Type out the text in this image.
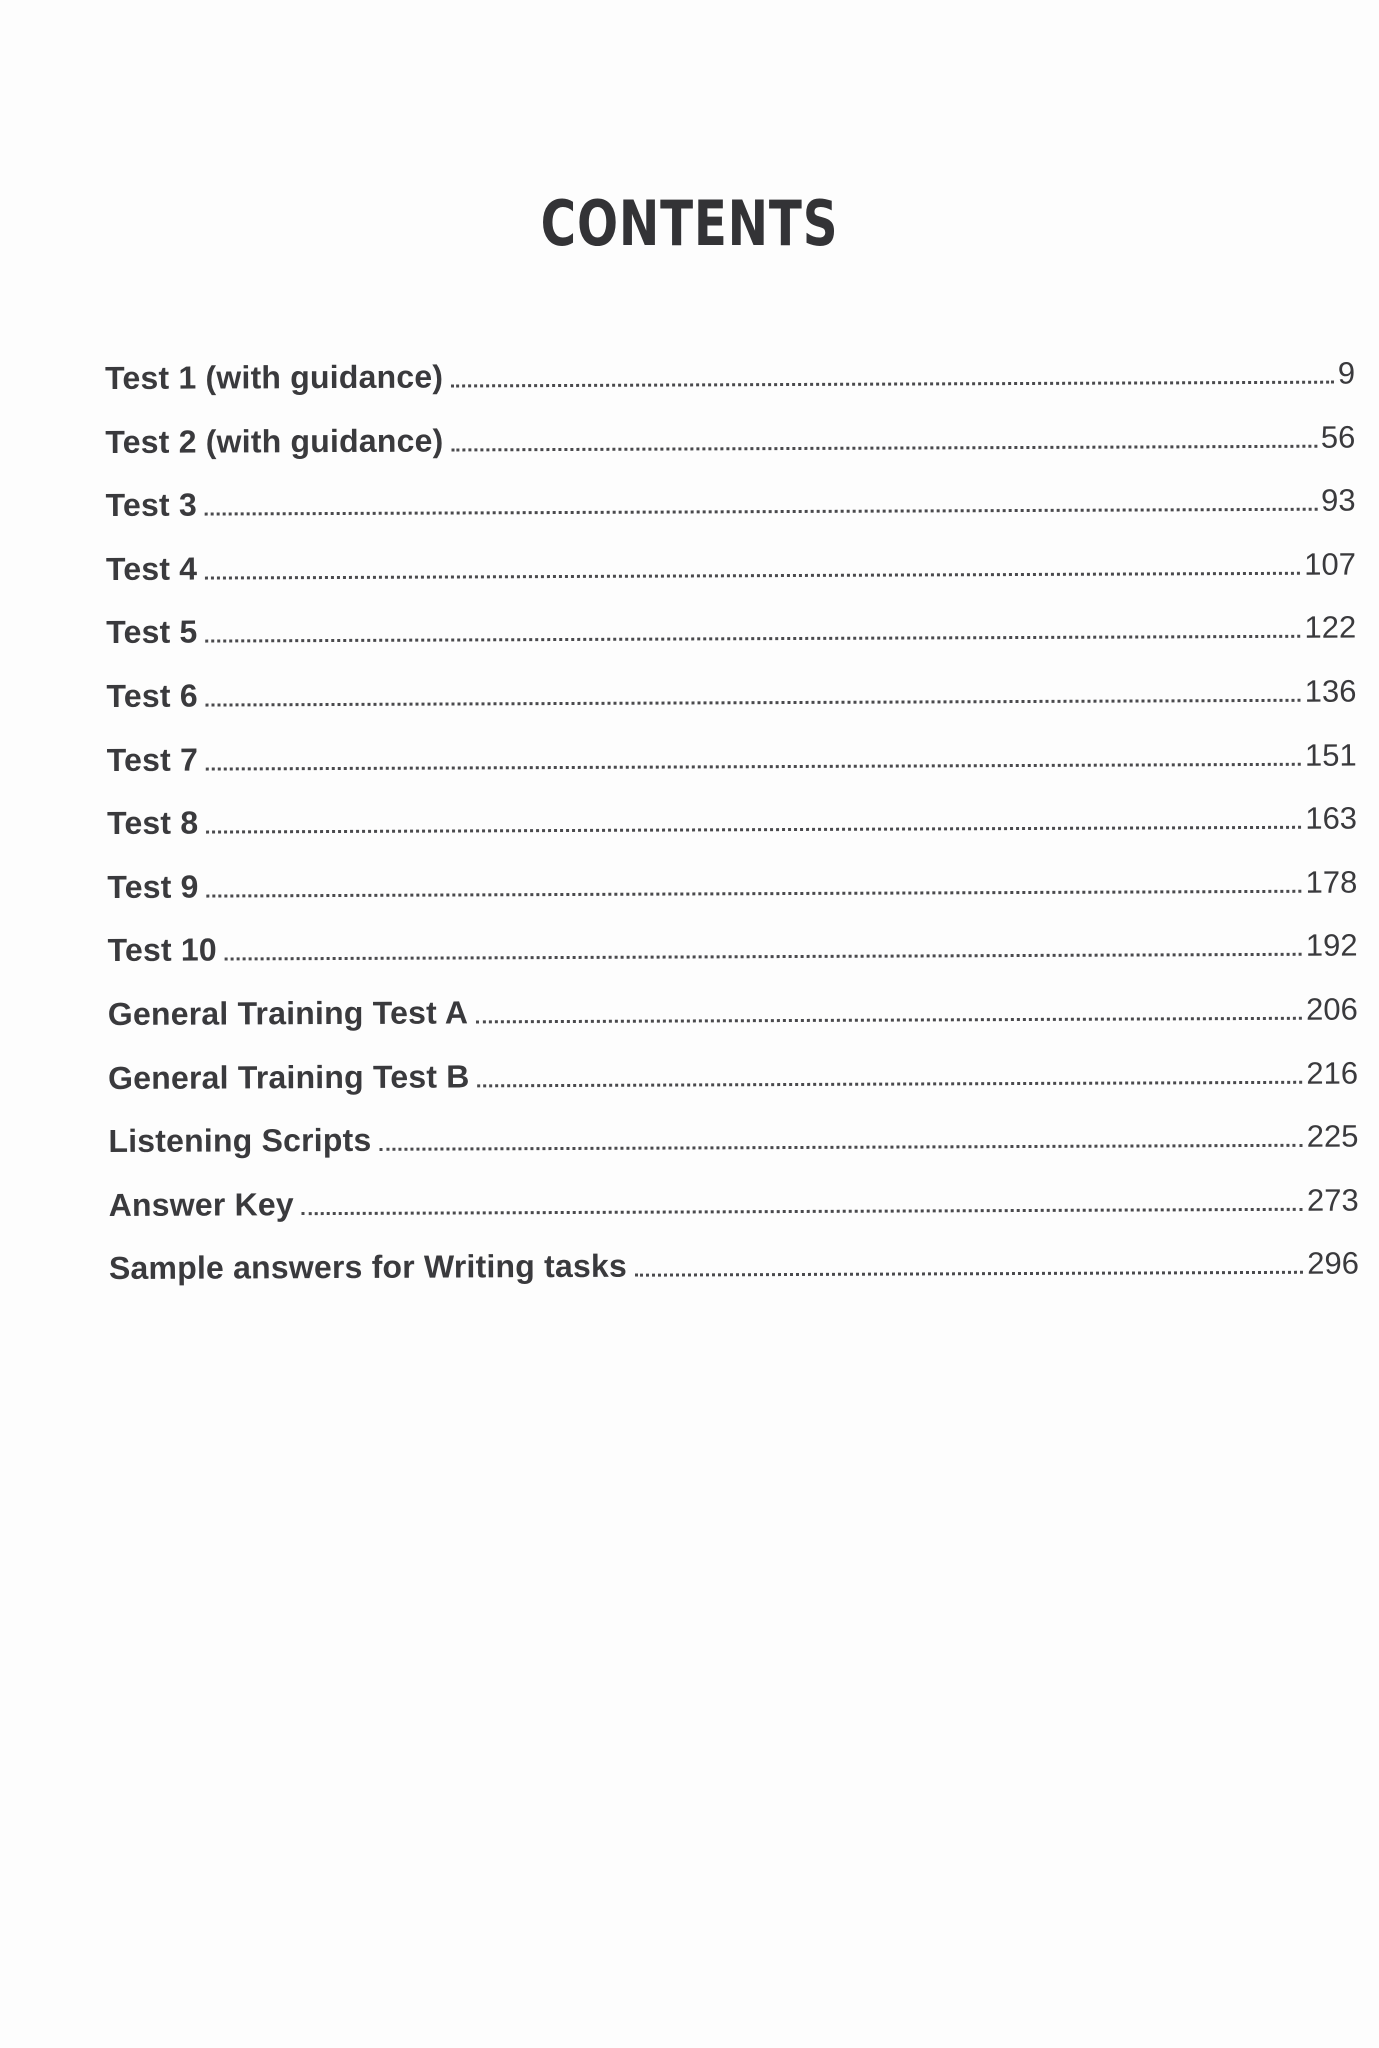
CONTENTS
Test 1 (with guidance)	9
Test 2 (with guidance)	56
Test 3	93
Test 4	107
Test 5	122
Test 6	136
Test 7	151
Test 8	163
Test 9	178
Test 10	192
General Training Test A	206
General Training Test B	216
Listening Scripts	225
Answer Key	273
Sample answers for Writing tasks	296
